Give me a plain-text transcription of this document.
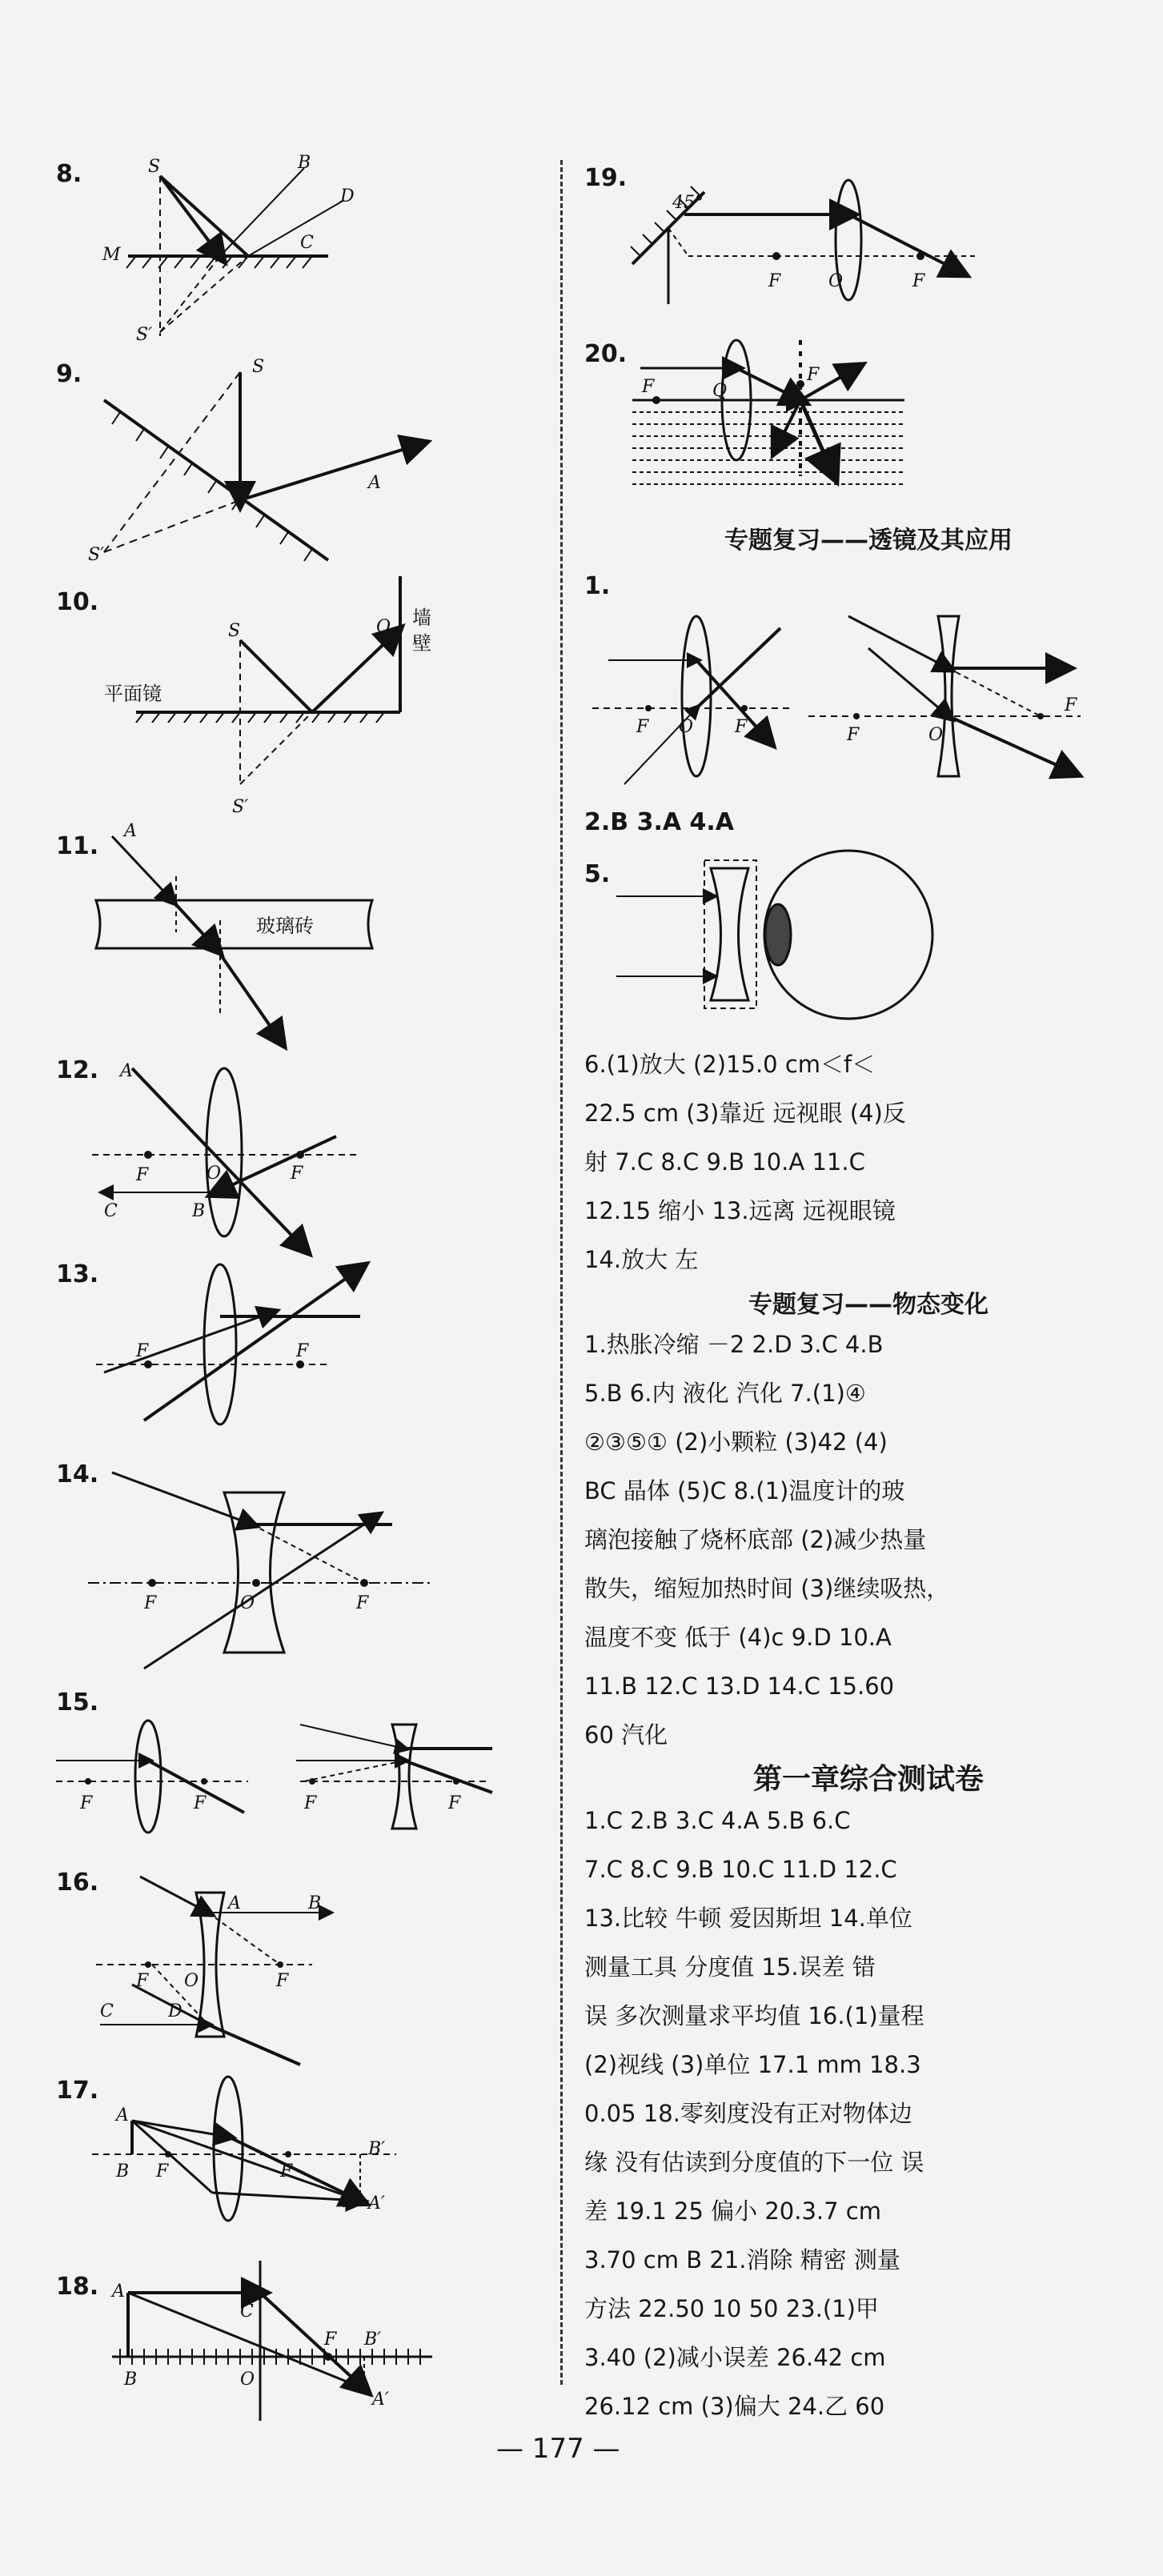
8.	S	B
D
M
C
S′
9.	S
A
S′
10.
S	O
S′
平面镜
墙
壁
11.
A
玻璃砖
12. A
F	O	F
C	B
13.
F	F
14.
F	O	F
15.
F	F	F	F
16.
A	B
F O	F
C	D
17.
A
B F	F
B′
A′
18. A
C
F B′
B	O
A′
19.
45°
F	O	F
20.
F	Q
F
专题复习——透镜及其应用
1.
F O F	F	O
F
2.B 3.A 4.A
5.
6.(1)放大 (2)15.0 cm＜f＜
22.5 cm (3)靠近 远视眼 (4)反
射 7.C 8.C 9.B 10.A 11.C
12.15 缩小 13.远离 远视眼镜
14.放大 左
专题复习——物态变化
1.热胀冷缩 －2 2.D 3.C 4.B
5.B 6.内 液化 汽化 7.(1)④
②③⑤① (2)小颗粒 (3)42 (4)
BC 晶体 (5)C 8.(1)温度计的玻
璃泡接触了烧杯底部 (2)减少热量
散失，缩短加热时间 (3)继续吸热，
温度不变 低于 (4)c 9.D 10.A
11.B 12.C 13.D 14.C 15.60
60 汽化
第一章综合测试卷
1.C 2.B 3.C 4.A 5.B 6.C
7.C 8.C 9.B 10.C 11.D 12.C
13.比较 牛顿 爱因斯坦 14.单位
测量工具 分度值 15.误差 错
误 多次测量求平均值 16.(1)量程
(2)视线 (3)单位 17.1 mm 18.3
0.05 18.零刻度没有正对物体边
缘 没有估读到分度值的下一位 误
差 19.1 25 偏小 20.3.7 cm
3.70 cm B 21.消除 精密 测量
方法 22.50 10 50 23.(1)甲
3.40 (2)减小误差 26.42 cm
26.12 cm (3)偏大 24.乙 60
— 177 —
